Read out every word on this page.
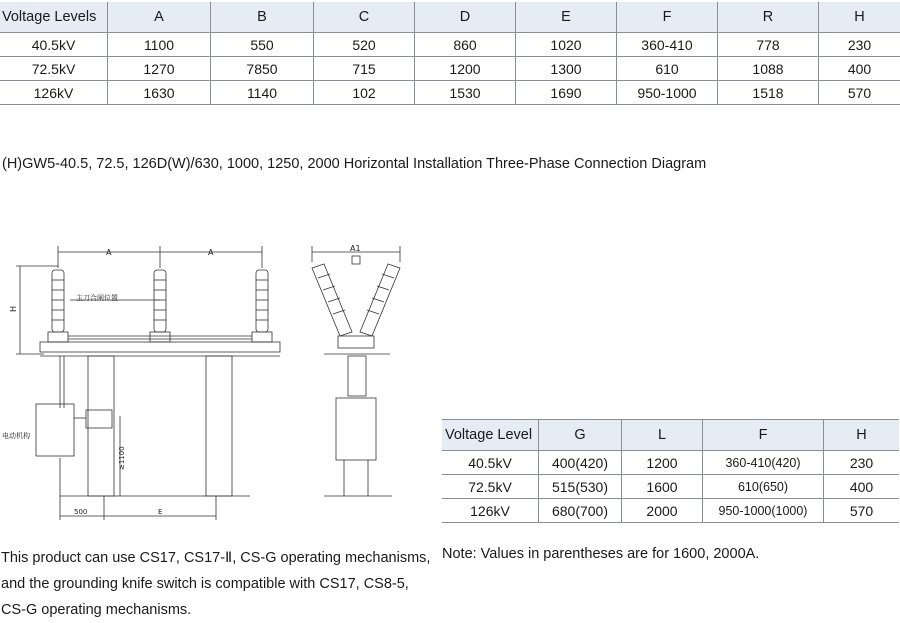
Voltage Levels	A	B	C	D	E	F	R	H
40.5kV	1100	550	520	860	1020	360-410	778	230
72.5kV	1270	7850	715	1200	1300	610	1088	400
126kV	1630	1140	102	1530	1690	950-1000	1518	570
(H)GW5-40.5, 72.5, 126D(W)/630, 1000, 1250, 2000 Horizontal Installation Three-Phase Connection Diagram
A	A
H
A1
主刀合闸位置
电动机构
≥1100
500	E
Voltage Level	G	L	F	H
40.5kV	400(420)	1200	360-410(420)	230
72.5kV	515(530)	1600	610(650)	400
126kV	680(700)	2000	950-1000(1000)	570
This product can use CS17, CS17-Ⅱ, CS-G operating mechanisms, and the grounding knife switch is compatible with CS17, CS8-5, CS-G operating mechanisms.
Note: Values in parentheses are for 1600, 2000A.
